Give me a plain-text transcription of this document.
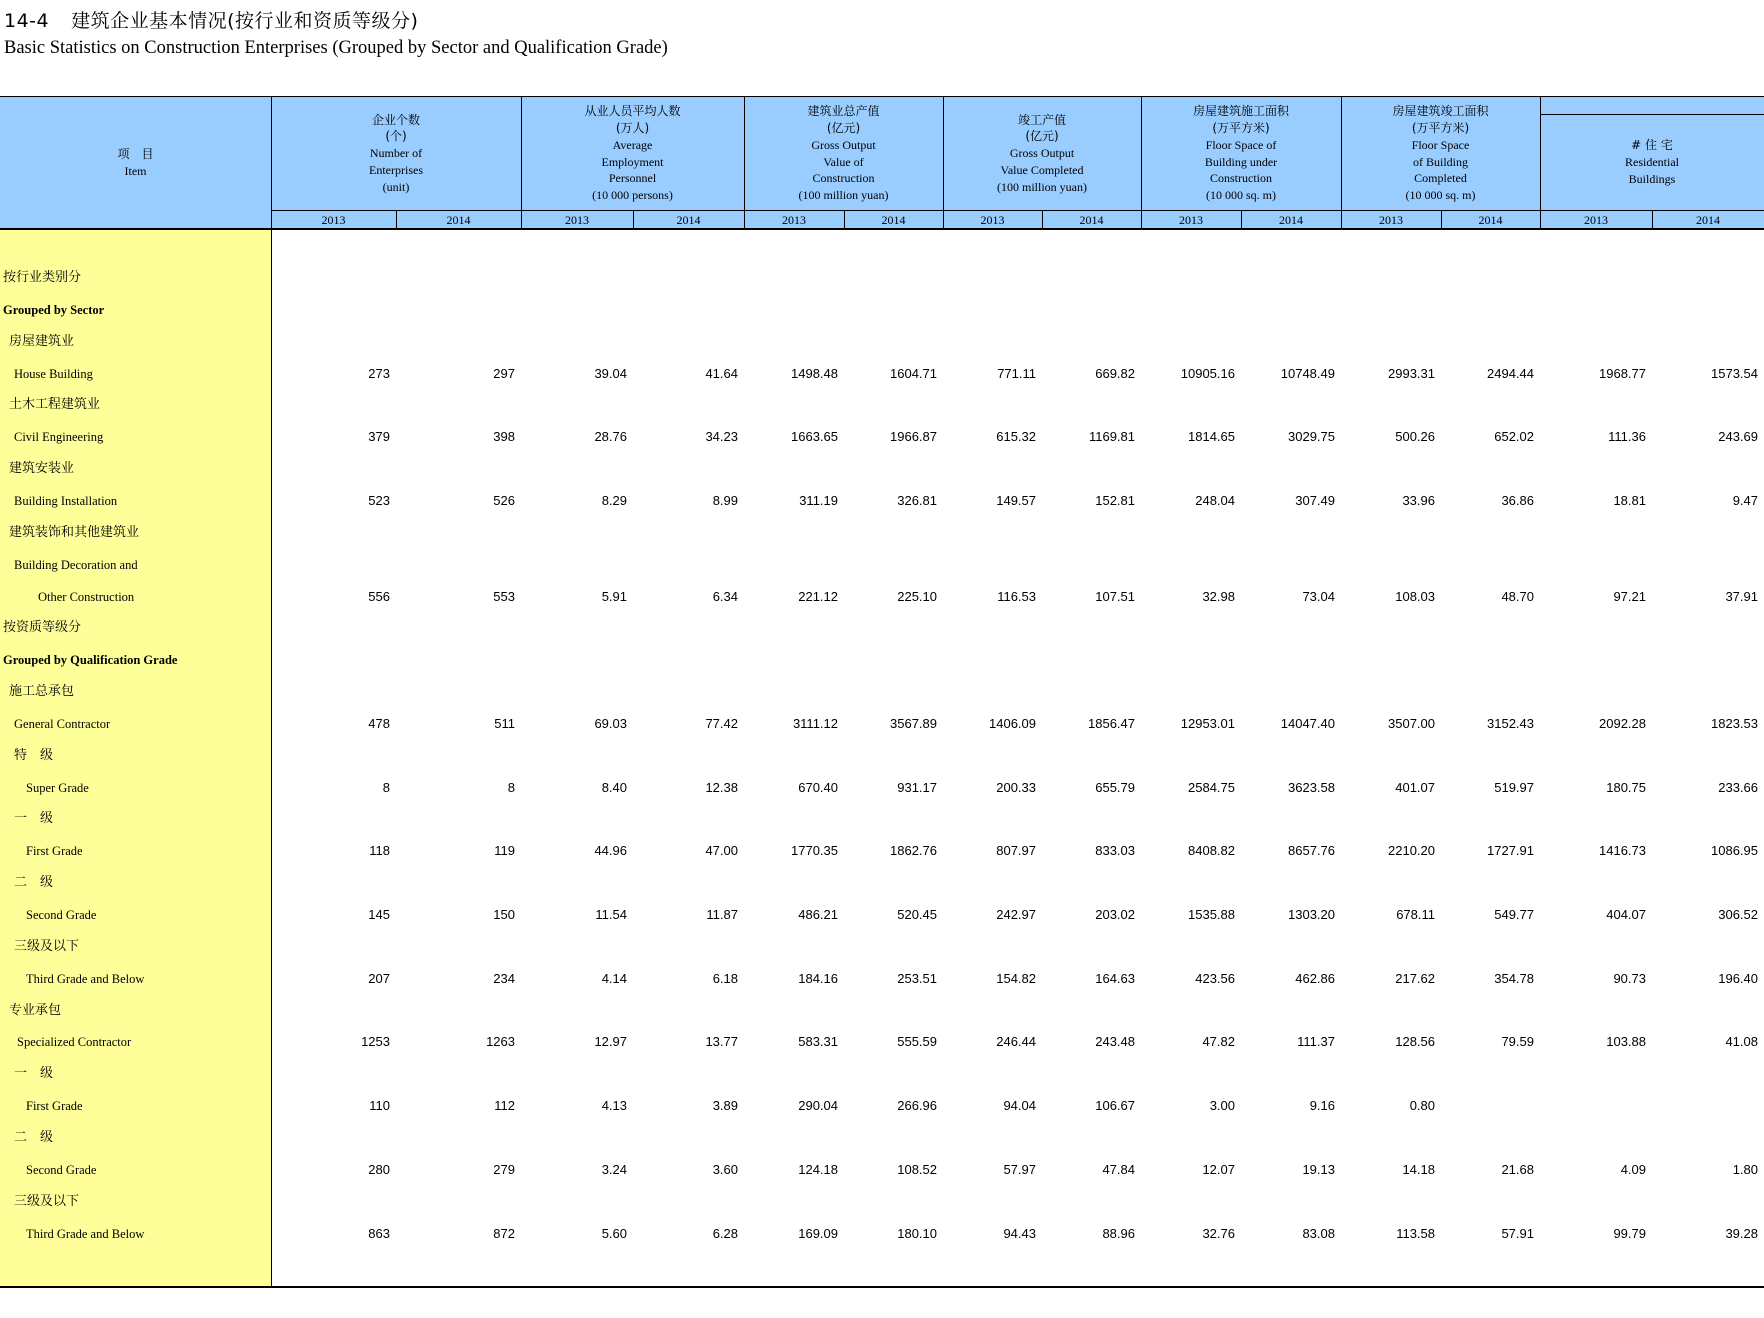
14-4 建筑企业基本情况(按行业和资质等级分)
Basic Statistics on Construction Enterprises (Grouped by Sector and Qualification Grade)
项　目
Item
企业个数
(个)
Number of
Enterprises
(unit)
2013	2014
从业人员平均人数
(万人)
Average
Employment
Personnel
(10 000 persons)
2013	2014
建筑业总产值
(亿元)
Gross Output
Value of
Construction
(100 million yuan)
2013	2014
竣工产值
(亿元)
Gross Output
Value Completed
(100 million yuan)
2013	2014
房屋建筑施工面积
(万平方米)
Floor Space of
Building under
Construction
(10 000 sq. m)
2013	2014
房屋建筑竣工面积
(万平方米)
Floor Space
of Building
Completed
(10 000 sq. m)
2013	2014
# 住 宅
Residential
Buildings
2013	2014
按行业类别分
Grouped by Sector
房屋建筑业
House Building	273	297	39.04	41.64	1498.48	1604.71	771.11	669.82	10905.16	10748.49	2993.31	2494.44	1968.77	1573.54
土木工程建筑业
Civil Engineering	379	398	28.76	34.23	1663.65	1966.87	615.32	1169.81	1814.65	3029.75	500.26	652.02	111.36	243.69
建筑安装业
Building Installation	523	526	8.29	8.99	311.19	326.81	149.57	152.81	248.04	307.49	33.96	36.86	18.81	9.47
建筑装饰和其他建筑业
Building Decoration and
Other Construction	556	553	5.91	6.34	221.12	225.10	116.53	107.51	32.98	73.04	108.03	48.70	97.21	37.91
按资质等级分
Grouped by Qualification Grade
施工总承包
General Contractor	478	511	69.03	77.42	3111.12	3567.89	1406.09	1856.47	12953.01	14047.40	3507.00	3152.43	2092.28	1823.53
特　级
Super Grade	8	8	8.40	12.38	670.40	931.17	200.33	655.79	2584.75	3623.58	401.07	519.97	180.75	233.66
一　级
First Grade	118	119	44.96	47.00	1770.35	1862.76	807.97	833.03	8408.82	8657.76	2210.20	1727.91	1416.73	1086.95
二　级
Second Grade	145	150	11.54	11.87	486.21	520.45	242.97	203.02	1535.88	1303.20	678.11	549.77	404.07	306.52
三级及以下
Third Grade and Below	207	234	4.14	6.18	184.16	253.51	154.82	164.63	423.56	462.86	217.62	354.78	90.73	196.40
专业承包
Specialized Contractor	1253	1263	12.97	13.77	583.31	555.59	246.44	243.48	47.82	111.37	128.56	79.59	103.88	41.08
一　级
First Grade	110	112	4.13	3.89	290.04	266.96	94.04	106.67	3.00	9.16	0.80
二　级
Second Grade	280	279	3.24	3.60	124.18	108.52	57.97	47.84	12.07	19.13	14.18	21.68	4.09	1.80
三级及以下
Third Grade and Below	863	872	5.60	6.28	169.09	180.10	94.43	88.96	32.76	83.08	113.58	57.91	99.79	39.28
